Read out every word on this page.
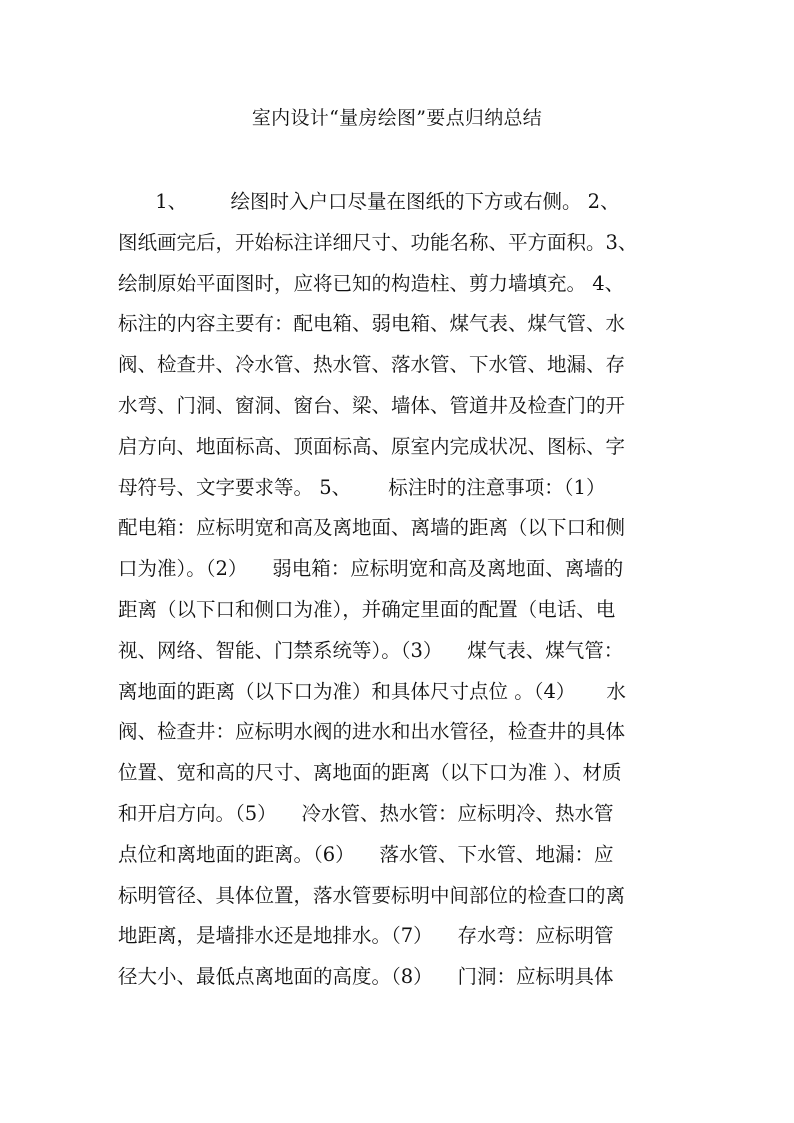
室内设计“量房绘图”要点归纳总结
1、       绘图时入户口尽量在图纸的下方或右侧。 2、
图纸画完后，开始标注详细尺寸、功能名称、平方面积。3、
绘制原始平面图时，应将已知的构造柱、剪力墙填充。 4、
标注的内容主要有：配电箱、弱电箱、煤气表、煤气管、水
阀、检查井、冷水管、热水管、落水管、下水管、地漏、存
水弯、门洞、窗洞、窗台、梁、墙体、管道井及检查门的开
启方向、地面标高、顶面标高、原室内完成状况、图标、字
母符号、文字要求等。 5、      标注时的注意事项：（1）
配电箱：应标明宽和高及离地面、离墙的距离（以下口和侧
口为准）。（2）    弱电箱：应标明宽和高及离地面、离墙的
距离（以下口和侧口为准），并确定里面的配置（电话、电
视、网络、智能、门禁系统等）。（3）    煤气表、煤气管：
离地面的距离（以下口为准）和具体尺寸点位 。（4）     水
阀、检查井：应标明水阀的进水和出水管径，检查井的具体
位置、宽和高的尺寸、离地面的距离（以下口为准 ）、材质
和开启方向。（5）    冷水管、热水管：应标明冷、热水管
点位和离地面的距离。（6）    落水管、下水管、地漏：应
标明管径、具体位置，落水管要标明中间部位的检查口的离
地距离，是墙排水还是地排水。（7）    存水弯：应标明管
径大小、最低点离地面的高度。（8）    门洞：应标明具体
